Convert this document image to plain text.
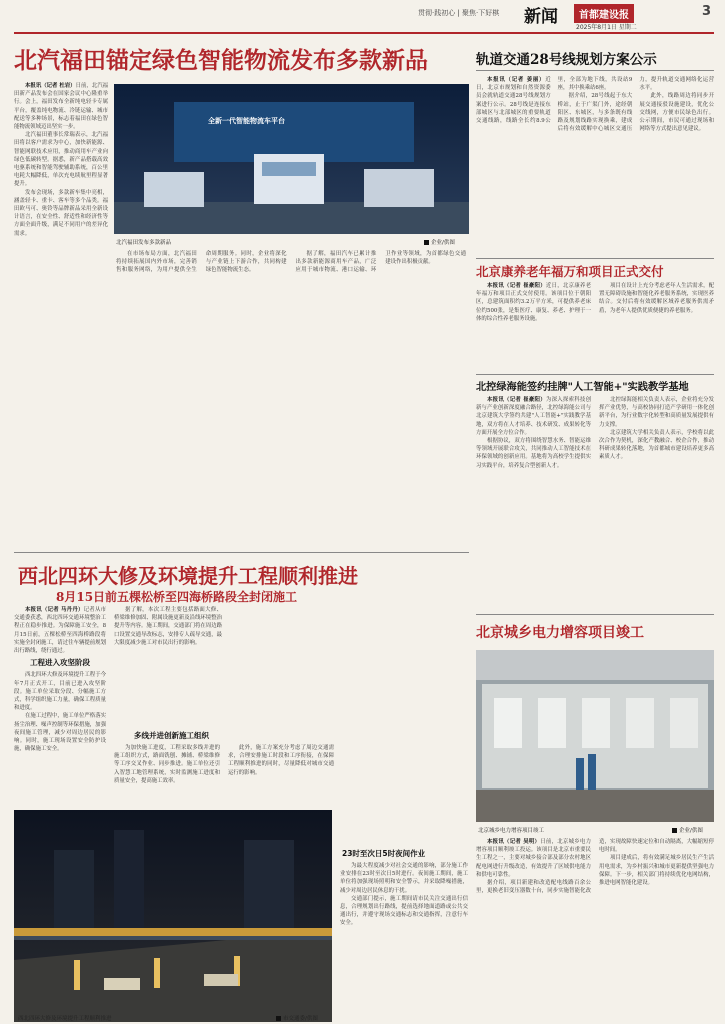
贯彻·践初心 | 聚焦·下好棋 新闻	首都建设报
2025年8月1日 星期二
3
北汽福田锚定绿色智能物流发布多款新品

本报讯（记者 杜岩）日前，北汽福田新产品发布会在国家会议中心隆重举行。会上，福田发布全新纯电轻卡专属平台，覆盖纯电物流、冷链运输、城市配送等多种场景，标志着福田在绿色智能物流领域迈出坚实一步。

北汽福田董事长常瑞表示，北汽福田将以客户需求为中心，加快新能源、智能网联技术应用，推动商用车产业向绿色低碳转型。据悉，新产品搭载高效电驱系统和智能驾驶辅助系统，百公里电耗大幅降低，单次充电续航里程显著提升。

发布会现场，多款新车集中亮相，涵盖轻卡、重卡、客车等多个品类。福田欧马可、奥铃等品牌新品采用全新设计语言，在安全性、舒适性和经济性等方面全面升级，满足不同用户的差异化需求。

全新一代智能物流车平台
北汽福田发布多款新品	企业/供图

在市场布局方面，北汽福田将持续拓展国内外市场，完善销售和服务网络，为用户提供全生命周期服务。同时，企业将深化与产业链上下游合作，共同构建绿色智能物流生态。

据了解，福田汽车已累计推出多款新能源商用车产品，广泛应用于城市物流、港口运输、环卫作业等领域，为首都绿色交通建设作出积极贡献。

轨道交通28号线规划方案公示

本报讯（记者 姜丽）近日，北京市规划和自然资源委员会就轨道交通28号线规划方案进行公示。28号线是连接东部城区与北部城区的重要轨道交通线路，线路全长约8.9公里，全部为地下线，共设站9座，其中换乘站6座。

据介绍，28号线起于东大桥站，止于广渠门外，途经朝阳区、东城区，与多条既有线路及规划线路实现换乘，建成后将有效缓解中心城区交通压力，提升轨道交通网络化运营水平。

此外，线路周边将同步开展交通接驳设施建设，优化公交线网，方便市民绿色出行。公示期间，市民可通过现场和网络等方式提出意见建议。

北京康养老年福万和项目正式交付

本报讯（记者 崔豪阳）近日，北京康养老年福万和项目正式交付使用。该项目位于朝阳区，总建筑面积约3.2万平方米，可提供养老床位约500张，是集医疗、康复、养老、护理于一体的综合性养老服务设施。

项目在设计上充分考虑老年人生活需求，配置无障碍设施和智能化养老服务系统，实现医养结合。交付后将有效缓解区域养老服务供需矛盾，为老年人提供优质便捷的养老服务。

北控绿海能签约挂牌"人工智能+"实践教学基地

本报讯（记者 崔豪阳）为深入探索科技创新与产业创新深度融合路径，北控绿海能公司与北京建筑大学签约共建"人工智能+"实践教学基地，双方将在人才培养、技术研发、成果转化等方面开展全方位合作。

根据协议，双方将围绕智慧水务、智能运维等领域开展联合攻关，共同推动人工智能技术在环保领域的创新应用。基地将为高校学生提供实习实践平台，培养复合型创新人才。

北控绿海能相关负责人表示，企业将充分发挥产业优势，与高校协同打造产学研用一体化创新平台，为行业数字化转型和高质量发展提供有力支撑。

北京建筑大学相关负责人表示，学校将以此次合作为契机，深化产教融合、校企合作，推动科研成果转化落地，为首都城市建设培养更多高素质人才。

西北四环大修及环境提升工程顺利推进
8月15日前五棵松桥至四海桥路段全封闭施工

本报讯（记者 马丹丹）记者从市交通委获悉，西北四环交通环境整治工程正在稳步推进。为保障施工安全，8月15日前，五棵松桥至四海桥路段将实施全封闭施工，请过往车辆提前规划出行路线，绕行通过。

工程进入攻坚阶段

西北四环大修及环境提升工程于今年7月正式开工，目前已进入攻坚阶段。施工单位采取分段、分幅施工方式，科学组织施工力量，确保工程质量和进度。

在施工过程中，施工单位严格落实扬尘治理、噪声控制等环保措施，加强夜间施工管理，减少对周边居民的影响。同时，施工现场设置安全防护设施，确保施工安全。

据了解，本次工程主要包括路面大修、桥梁维修加固、附属设施更新及沿线环境整治提升等内容。施工期间，交通部门将在周边路口设置交通导改标志，安排专人疏导交通，最大限度减少施工对市民出行的影响。

多线并进创新施工组织

为加快施工进度，工程采取多线并进的施工组织方式，路面铣刨、摊铺、桥梁维修等工序交叉作业、同步推进。施工单位还引入智慧工地管理系统，实时监测施工进度和质量安全，提高施工效率。

此外，施工方案充分考虑了周边交通需求，合理安排施工时段和工序衔接，在保障工程顺利推进的同时，尽量降低对城市交通运行的影响。

23时至次日5时夜间作业

为最大程度减少对社会交通的影响，部分施工作业安排在23时至次日5时进行。夜间施工期间，施工单位将加强现场照明和安全警示，并采取降噪措施，减少对周边居民休息的干扰。

交通部门提示，施工期间请市民关注交通出行信息，合理规划出行路线，提前选择地面道路或公共交通出行，并遵守现场交通标志和交通指挥，注意行车安全。

西北四环大修及环境提升工程顺利推进	市交通委/供图
北京城乡电力增容项目竣工
北京城乡电力增容项目竣工	企业/供图

本报讯（记者 吴明）日前，北京城乡电力增容项目顺利竣工投运。该项目是北京市重要民生工程之一，主要对城乡接合部及部分农村地区配电网进行升级改造，有效提升了区域供电能力和供电可靠性。

据介绍，项目新建和改造配电线路百余公里，更换老旧变压器数十台，同步实施智能化改造，实现故障快速定位和自动隔离，大幅缩短停电时间。

项目建成后，将有效满足城乡居民生产生活用电需求，为乡村振兴和城市更新提供坚强电力保障。下一步，相关部门将持续优化电网结构，推进电网智能化建设。
